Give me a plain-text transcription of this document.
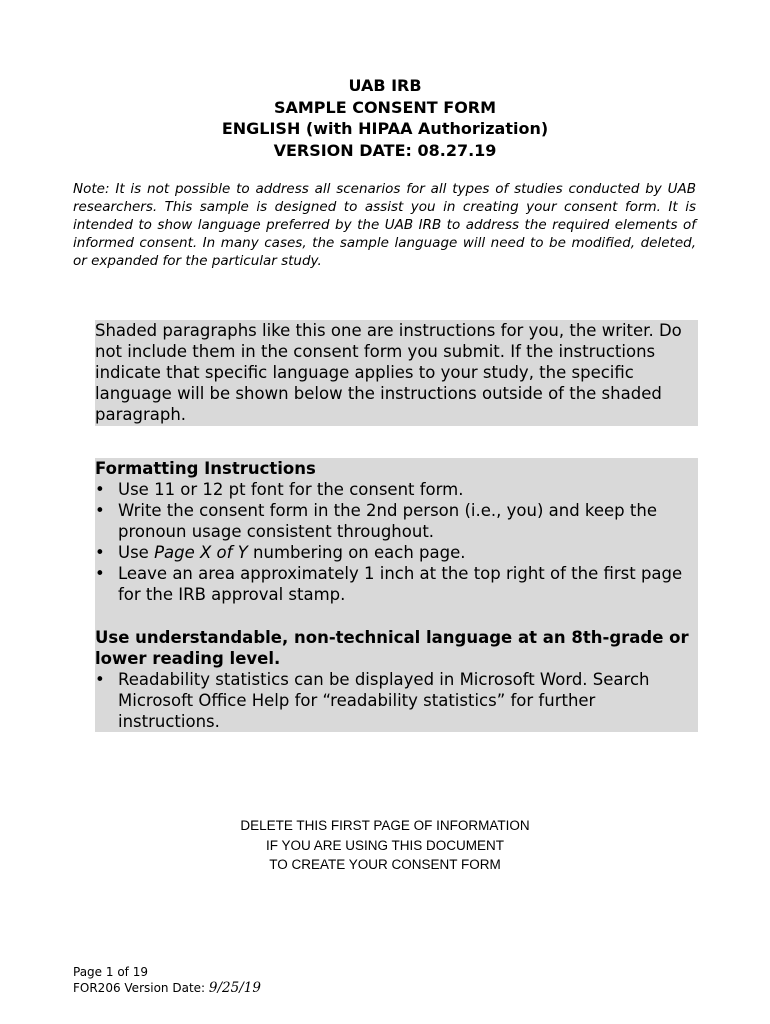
UAB IRB
SAMPLE CONSENT FORM
ENGLISH (with HIPAA Authorization)
VERSION DATE: 08.27.19
Note: It is not possible to address all scenarios for all types of studies conducted by UAB researchers. This sample is designed to assist you in creating your consent form. It is intended to show language preferred by the UAB IRB to address the required elements of informed consent. In many cases, the sample language will need to be modified, deleted, or expanded for the particular study.

Shaded paragraphs like this one are instructions for you, the writer. Do not include them in the consent form you submit. If the instructions indicate that specific language applies to your study, the specific language will be shown below the instructions outside of the shaded paragraph.

Formatting Instructions

• Use 11 or 12 pt font for the consent form.
• Write the consent form in the 2nd person (i.e., you) and keep the pronoun usage consistent throughout.
• Use Page X of Y numbering on each page.
• Leave an area approximately 1 inch at the top right of the first page for the IRB approval stamp.

Use understandable, non-technical language at an 8th-grade or lower reading level.

• Readability statistics can be displayed in Microsoft Word. Search Microsoft Office Help for “readability statistics” for further instructions.
DELETE THIS FIRST PAGE OF INFORMATION
IF YOU ARE USING THIS DOCUMENT
TO CREATE YOUR CONSENT FORM
Page 1 of 19
FOR206 Version Date: 9/25/19
